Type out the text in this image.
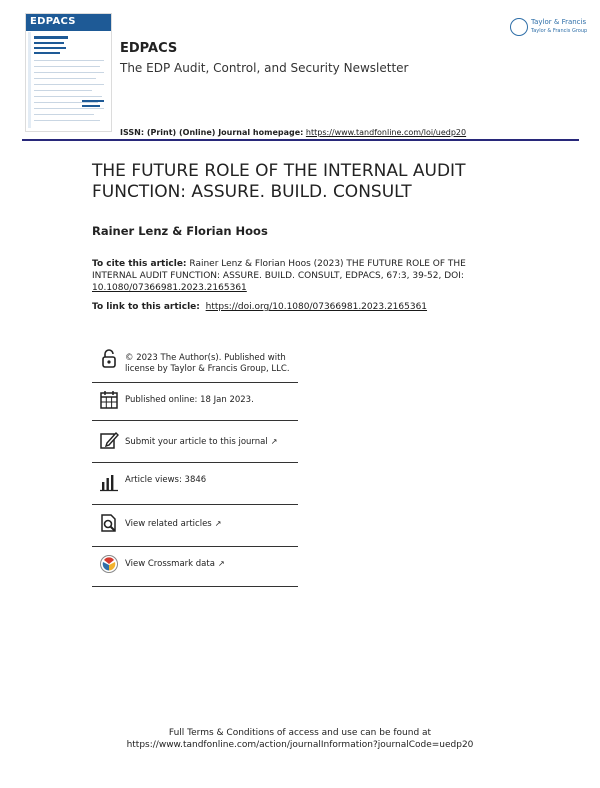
EDPACS
EDPACS
The EDP Audit, Control, and Security Newsletter
ISSN: (Print) (Online) Journal homepage: https://www.tandfonline.com/loi/uedp20
Taylor & Francis
Taylor & Francis Group
THE FUTURE ROLE OF THE INTERNAL AUDIT FUNCTION: ASSURE. BUILD. CONSULT
Rainer Lenz & Florian Hoos
To cite this article: Rainer Lenz & Florian Hoos (2023) THE FUTURE ROLE OF THE INTERNAL AUDIT FUNCTION: ASSURE. BUILD. CONSULT, EDPACS, 67:3, 39-52, DOI: 10.1080/07366981.2023.2165361
To link to this article: https://doi.org/10.1080/07366981.2023.2165361
© 2023 The Author(s). Published with
license by Taylor & Francis Group, LLC.
Published online: 18 Jan 2023.
Submit your article to this journal ↗
Article views: 3846
View related articles ↗
View Crossmark data ↗
Full Terms & Conditions of access and use can be found at
https://www.tandfonline.com/action/journalInformation?journalCode=uedp20
